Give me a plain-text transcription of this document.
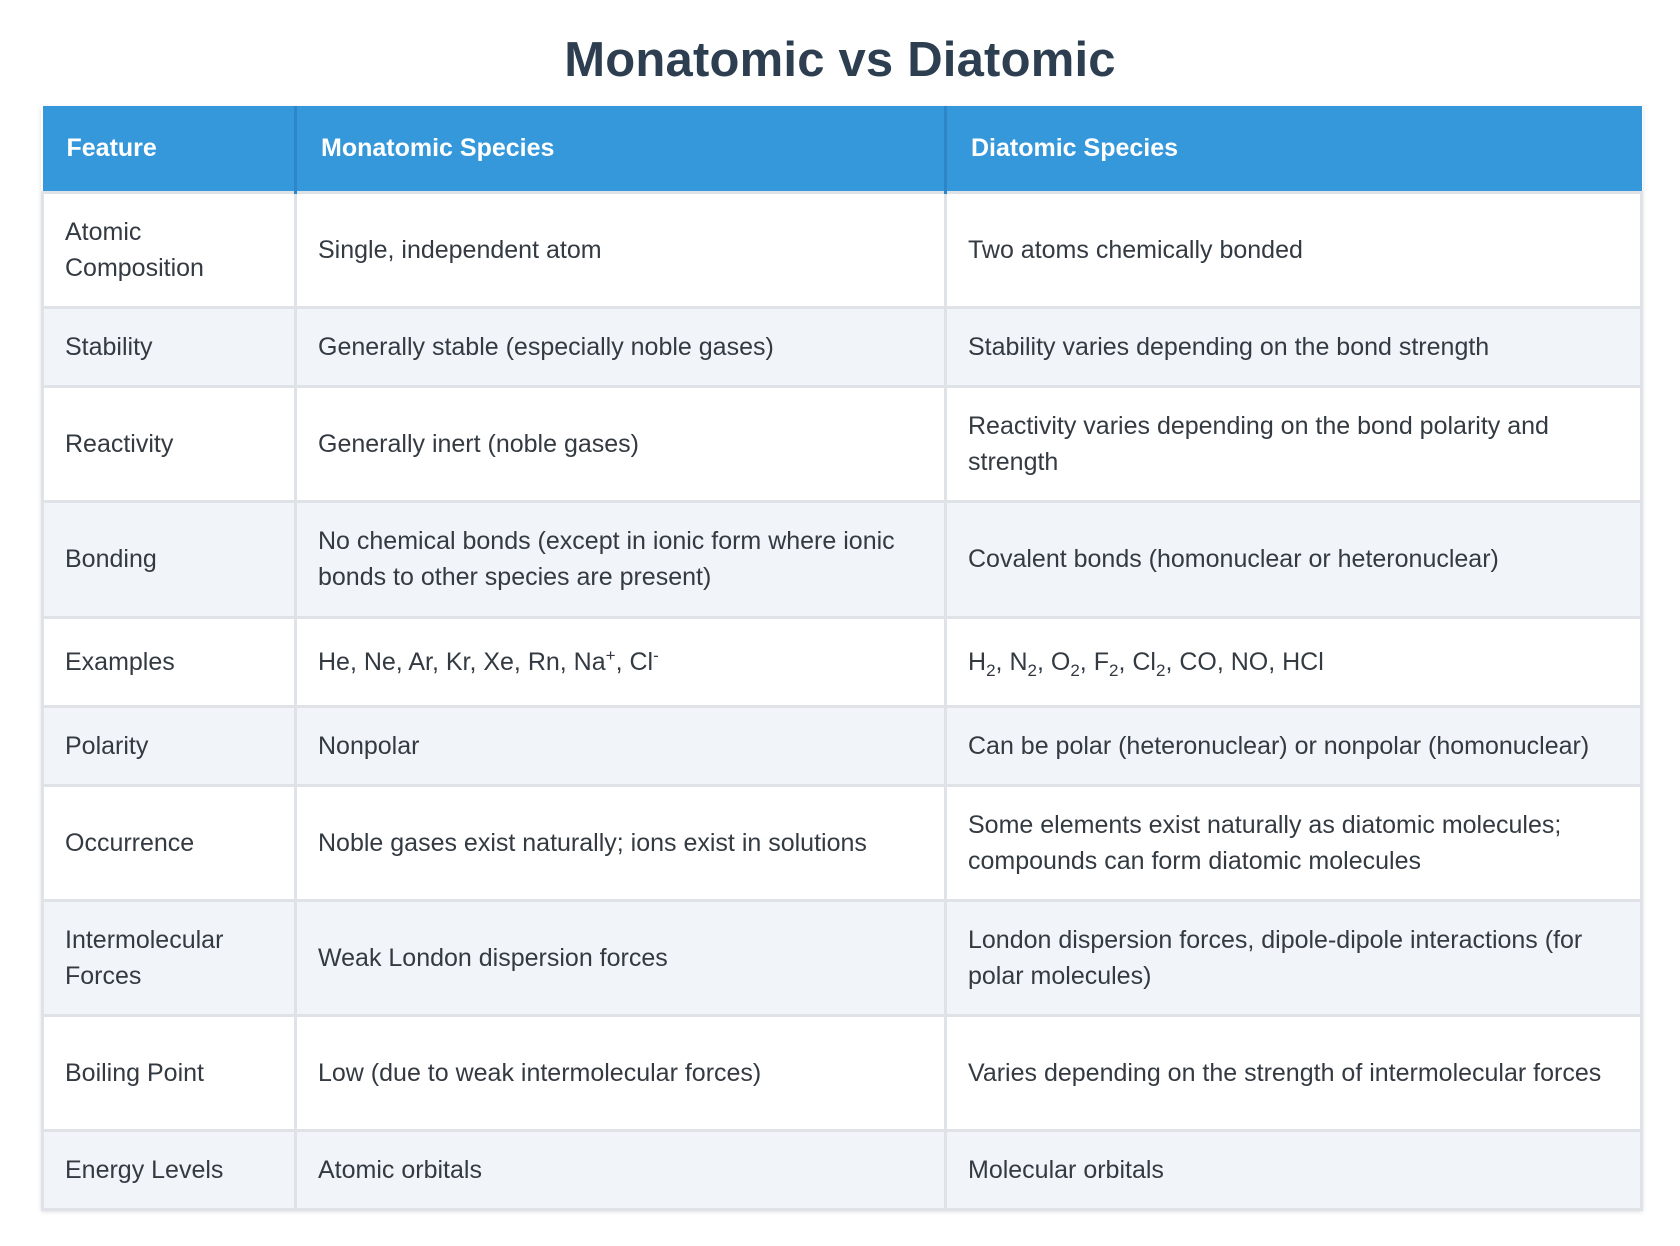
Monatomic vs Diatomic
Feature	Monatomic Species	Diatomic Species
Atomic Composition	Single, independent atom	Two atoms chemically bonded
Stability	Generally stable (especially noble gases)	Stability varies depending on the bond strength
Reactivity	Generally inert (noble gases)	Reactivity varies depending on the bond polarity and strength
Bonding	No chemical bonds (except in ionic form where ionic bonds to other species are present)	Covalent bonds (homonuclear or heteronuclear)
Examples	He, Ne, Ar, Kr, Xe, Rn, Na+, Cl-	$H_2$, $N_2$, $O_2$, $F_2$, $Cl_2$, CO, NO, HCl
Polarity	Nonpolar	Can be polar (heteronuclear) or nonpolar (homonuclear)
Occurrence	Noble gases exist naturally; ions exist in solutions	Some elements exist naturally as diatomic molecules; compounds can form diatomic molecules
Intermolecular Forces	Weak London dispersion forces	London dispersion forces, dipole-dipole interactions (for polar molecules)
Boiling Point	Low (due to weak intermolecular forces)	Varies depending on the strength of intermolecular forces
Energy Levels	Atomic orbitals	Molecular orbitals
